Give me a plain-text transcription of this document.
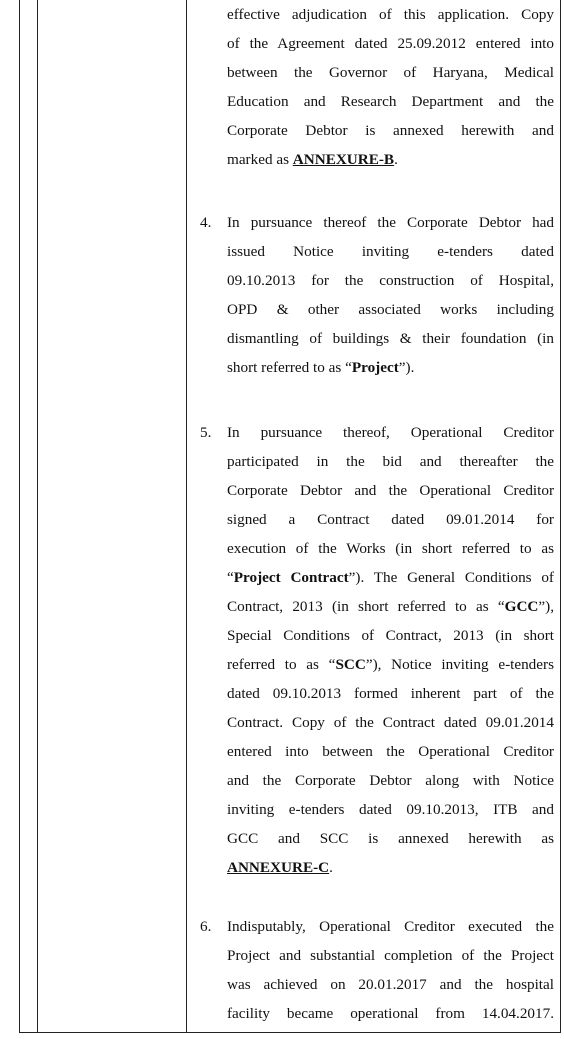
effective adjudication of this application. Copy
of the Agreement dated 25.09.2012 entered into
between the Governor of Haryana, Medical
Education and Research Department and the
Corporate Debtor is annexed herewith and
marked as ANNEXURE-B.
4. In pursuance thereof the Corporate Debtor had
issued Notice inviting e-tenders dated
09.10.2013 for the construction of Hospital,
OPD & other associated works including
dismantling of buildings & their foundation (in
short referred to as “Project”).
5. In pursuance thereof, Operational Creditor
participated in the bid and thereafter the
Corporate Debtor and the Operational Creditor
signed a Contract dated 09.01.2014 for
execution of the Works (in short referred to as
“Project Contract”). The General Conditions of
Contract, 2013 (in short referred to as “GCC”),
Special Conditions of Contract, 2013 (in short
referred to as “SCC”), Notice inviting e-tenders
dated 09.10.2013 formed inherent part of the
Contract. Copy of the Contract dated 09.01.2014
entered into between the Operational Creditor
and the Corporate Debtor along with Notice
inviting e-tenders dated 09.10.2013, ITB and
GCC and SCC is annexed herewith as
ANNEXURE-C.
6. Indisputably, Operational Creditor executed the
Project and substantial completion of the Project
was achieved on 20.01.2017 and the hospital
facility became operational from 14.04.2017.
